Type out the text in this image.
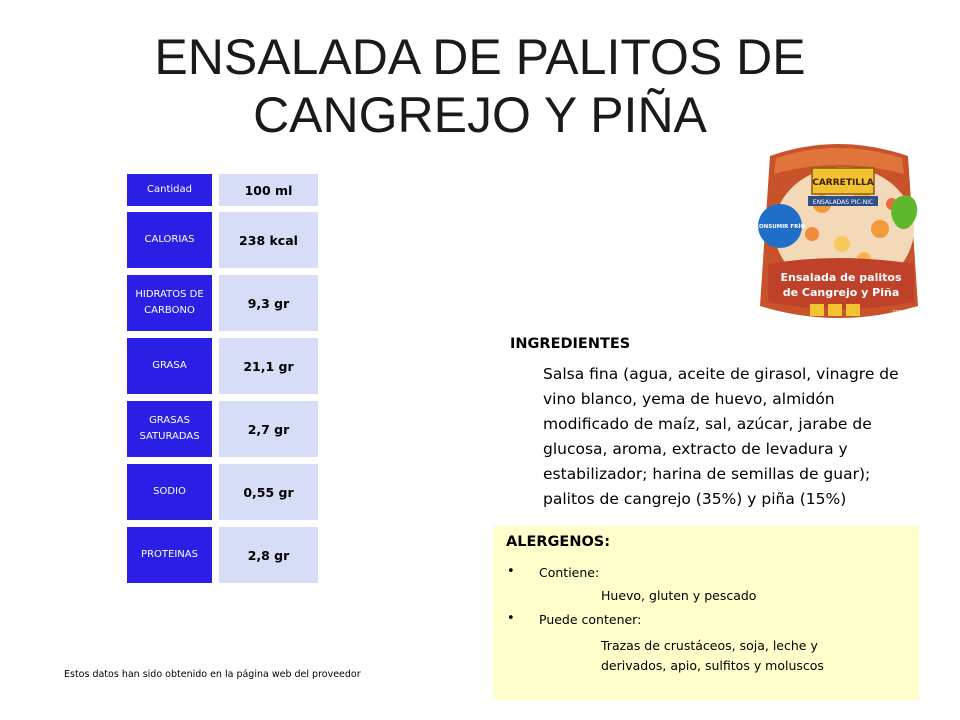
ENSALADA DE PALITOS DE
CANGREJO Y PIÑA
Cantidad	100 ml
CALORIAS	238 kcal
HIDRATOS DE CARBONO	9,3 gr
GRASA	21,1 gr
GRASAS SATURADAS	2,7 gr
SODIO	0,55 gr
PROTEINAS	2,8 gr
Estos datos han sido obtenido en la página web del proveedor
CARRETILLA
ENSALADAS PIC-NIC
CONSUMIR FRÍO
Ensalada de palitos
de Cangrejo y Piña
220 g
INGREDIENTES
Salsa fina (agua, aceite de girasol, vinagre de vino blanco, yema de huevo, almidón modificado de maíz, sal, azúcar, jarabe de glucosa, aroma, extracto de levadura y estabilizador; harina de semillas de guar); palitos de cangrejo (35%) y piña (15%)
ALERGENOS:
• Contiene:
Huevo, gluten y pescado
• Puede contener:
Trazas de crustáceos, soja, leche y derivados, apio, sulfitos y moluscos
